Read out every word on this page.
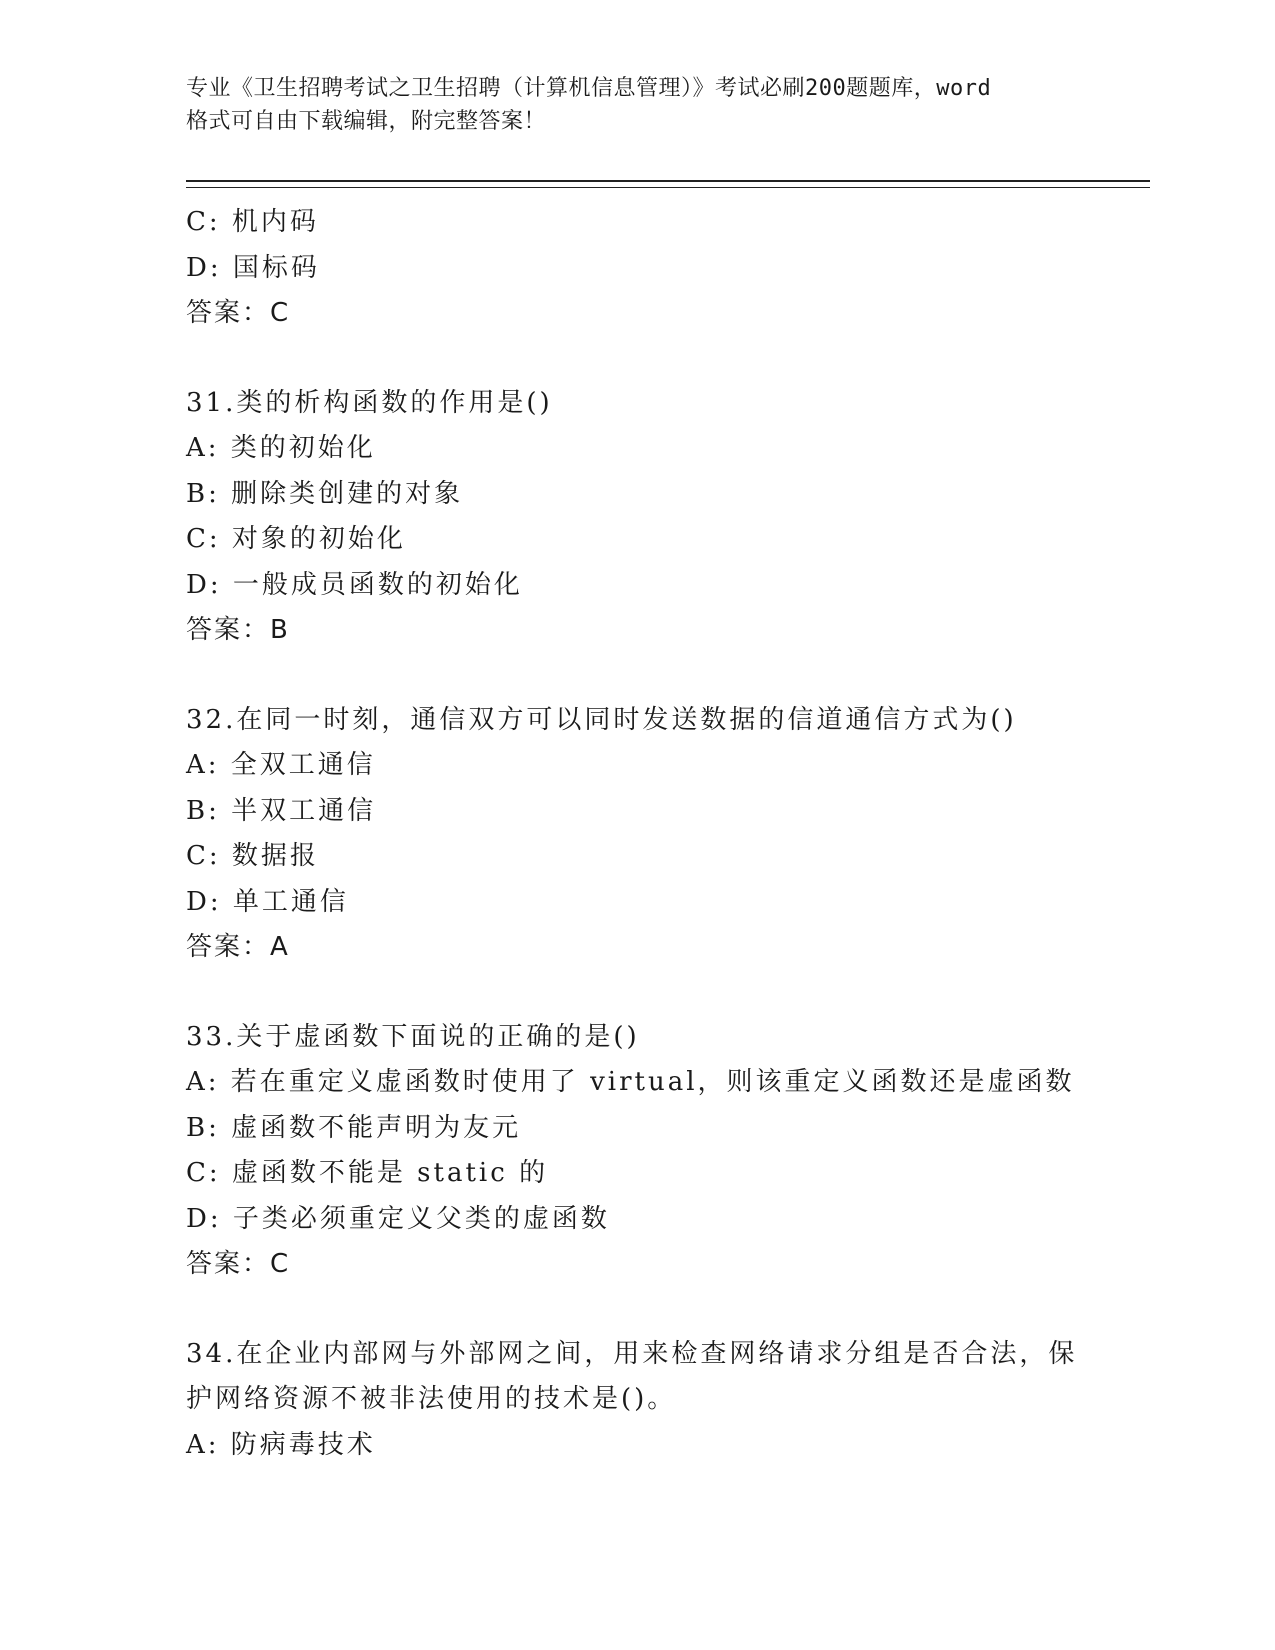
专业《卫生招聘考试之卫生招聘（计算机信息管理）》考试必刷200题题库，word

格式可自由下载编辑，附完整答案！

C: 机内码
D: 国标码
答案：C
31.类的析构函数的作用是()
A: 类的初始化
B: 删除类创建的对象
C: 对象的初始化
D: 一般成员函数的初始化
答案：B
32.在同一时刻，通信双方可以同时发送数据的信道通信方式为()
A: 全双工通信
B: 半双工通信
C: 数据报
D: 单工通信
答案：A
33.关于虚函数下面说的正确的是()
A: 若在重定义虚函数时使用了 virtual，则该重定义函数还是虚函数
B: 虚函数不能声明为友元
C: 虚函数不能是 static 的
D: 子类必须重定义父类的虚函数
答案：C
34.在企业内部网与外部网之间，用来检查网络请求分组是否合法，保
护网络资源不被非法使用的技术是()。
A: 防病毒技术
